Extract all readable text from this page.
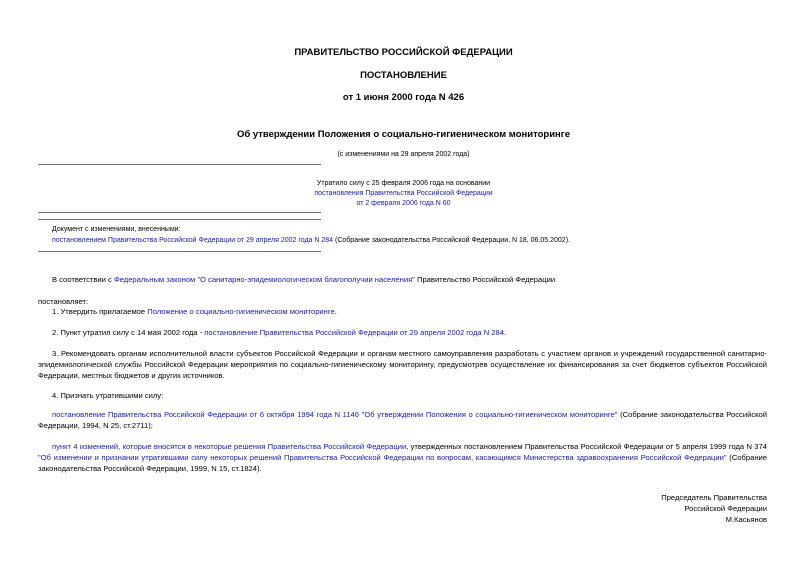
ПРАВИТЕЛЬСТВО РОССИЙСКОЙ ФЕДЕРАЦИИ
ПОСТАНОВЛЕНИЕ
от 1 июня 2000 года N 426
Об утверждении Положения о социально-гигиеническом мониторинге
(с изменениями на 29 апреля 2002 года)
Утратило силу с 25 февраля 2006 года на основании
постановления Правительства Российской Федерации
от 2 февраля 2006 года N 60
Документ с изменениями, внесенными:
постановлением Правительства Российской Федерации от 29 апреля 2002 года N 284 (Собрание законодательства Российской Федерации, N 18, 06.05.2002).
В соответствии с Федеральным законом "О санитарно-эпидемиологическом благополучии населения" Правительство Российской Федерации
постановляет:
1. Утвердить прилагаемое Положение о социально-гигиеническом мониторинге.
2. Пункт утратил силу с 14 мая 2002 года - постановление Правительства Российской Федерации от 29 апреля 2002 года N 284.
3. Рекомендовать органам исполнительной власти субъектов Российской Федерации и органам местного самоуправления разработать с участием органов и учреждений государственной санитарно-эпидемиологической службы Российской Федерации мероприятия по социально-гигиеническому мониторингу, предусмотрев осуществление их финансирования за счет бюджетов субъектов Российской Федерации, местных бюджетов и других источников.
4. Признать утратившими силу:
постановление Правительства Российской Федерации от 6 октября 1994 года N 1146 "Об утверждении Положения о социально-гигиеническом мониторинге" (Собрание законодательства Российской Федерации, 1994, N 25, ст.2711);
пункт 4 изменений, которые вносятся в некоторые решения Правительства Российской Федерации, утвержденных постановлением Правительства Российской Федерации от 5 апреля 1999 года N 374 "Об изменении и признании утратившими силу некоторых решений Правительства Российской Федерации по вопросам, касающимся Министерства здравоохранения Российской Федерации" (Собрание законодательства Российской Федерации, 1999, N 15, ст.1824).
Председатель Правительства
Российской Федерации
М.Касьянов
